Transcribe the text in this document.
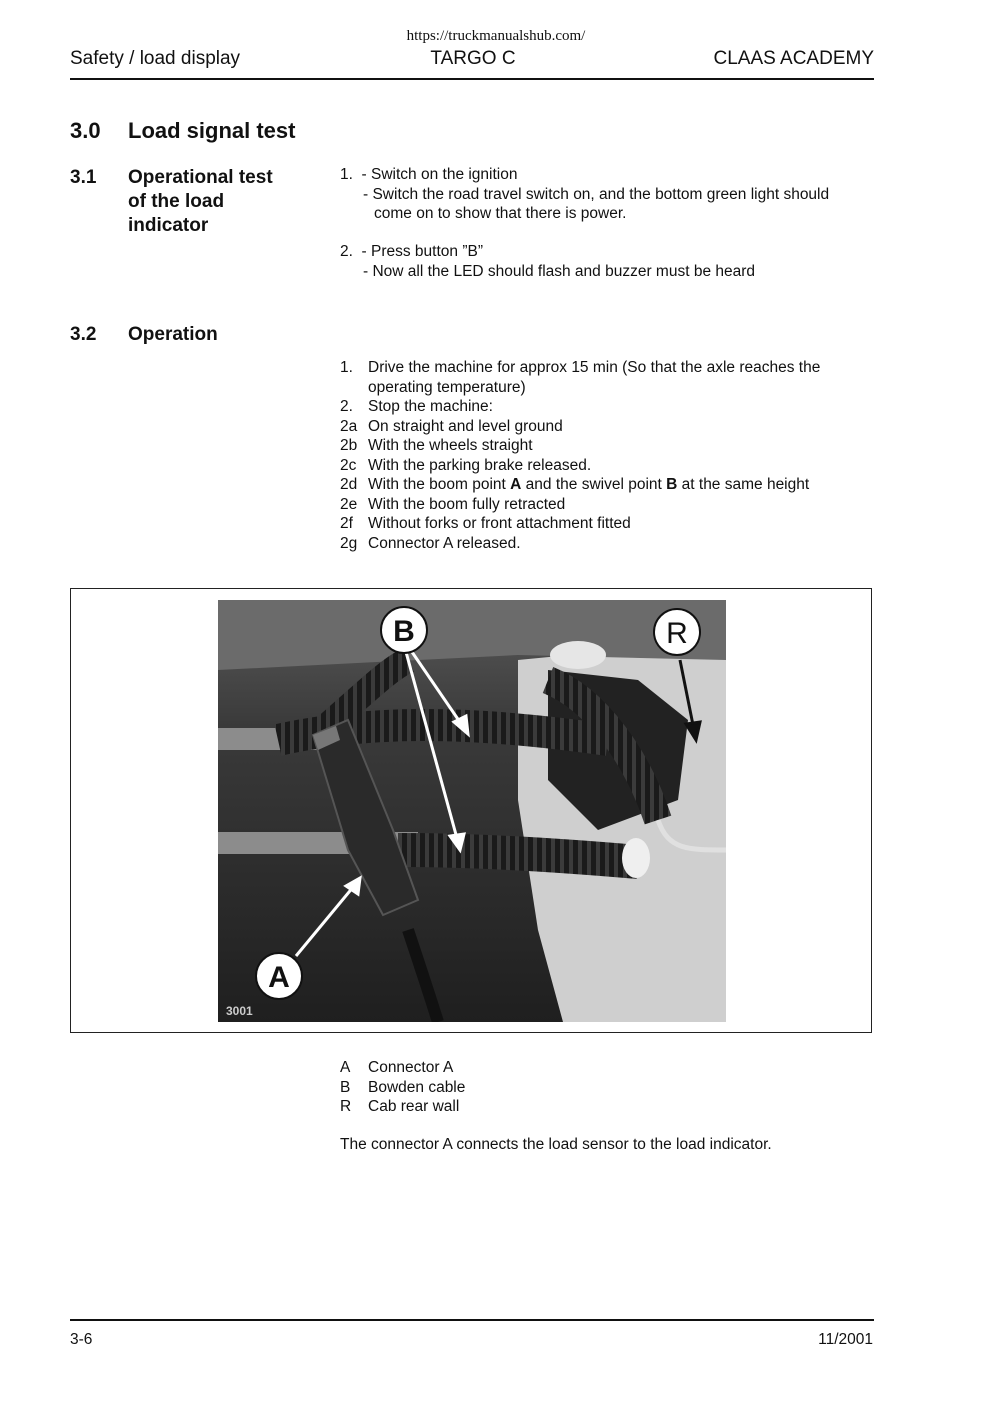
https://truckmanualshub.com/
Safety / load display	TARGO C	CLAAS ACADEMY
3.0 Load signal test
3.1 Operational test
of the load
indicator
1.  - Switch on the ignition
- Switch the road travel switch on, and the bottom green light should
come on to show that there is power.
2.  - Press button ”B”
- Now all the LED should flash and buzzer must be heard
3.2 Operation
1. Drive the machine for approx 15 min (So that the axle reaches the
operating temperature)
2. Stop the machine:
2a On straight and level ground
2b With the wheels straight
2c With the parking brake released.
2d With the boom point A and the swivel point B at the same height
2e With the boom fully retracted
2f Without forks or front attachment fitted
2g Connector A released.
B	R
A
3001
A Connector A
B Bowden cable
R Cab rear wall
The connector A connects the load sensor to the load indicator.
3-6	11/2001
